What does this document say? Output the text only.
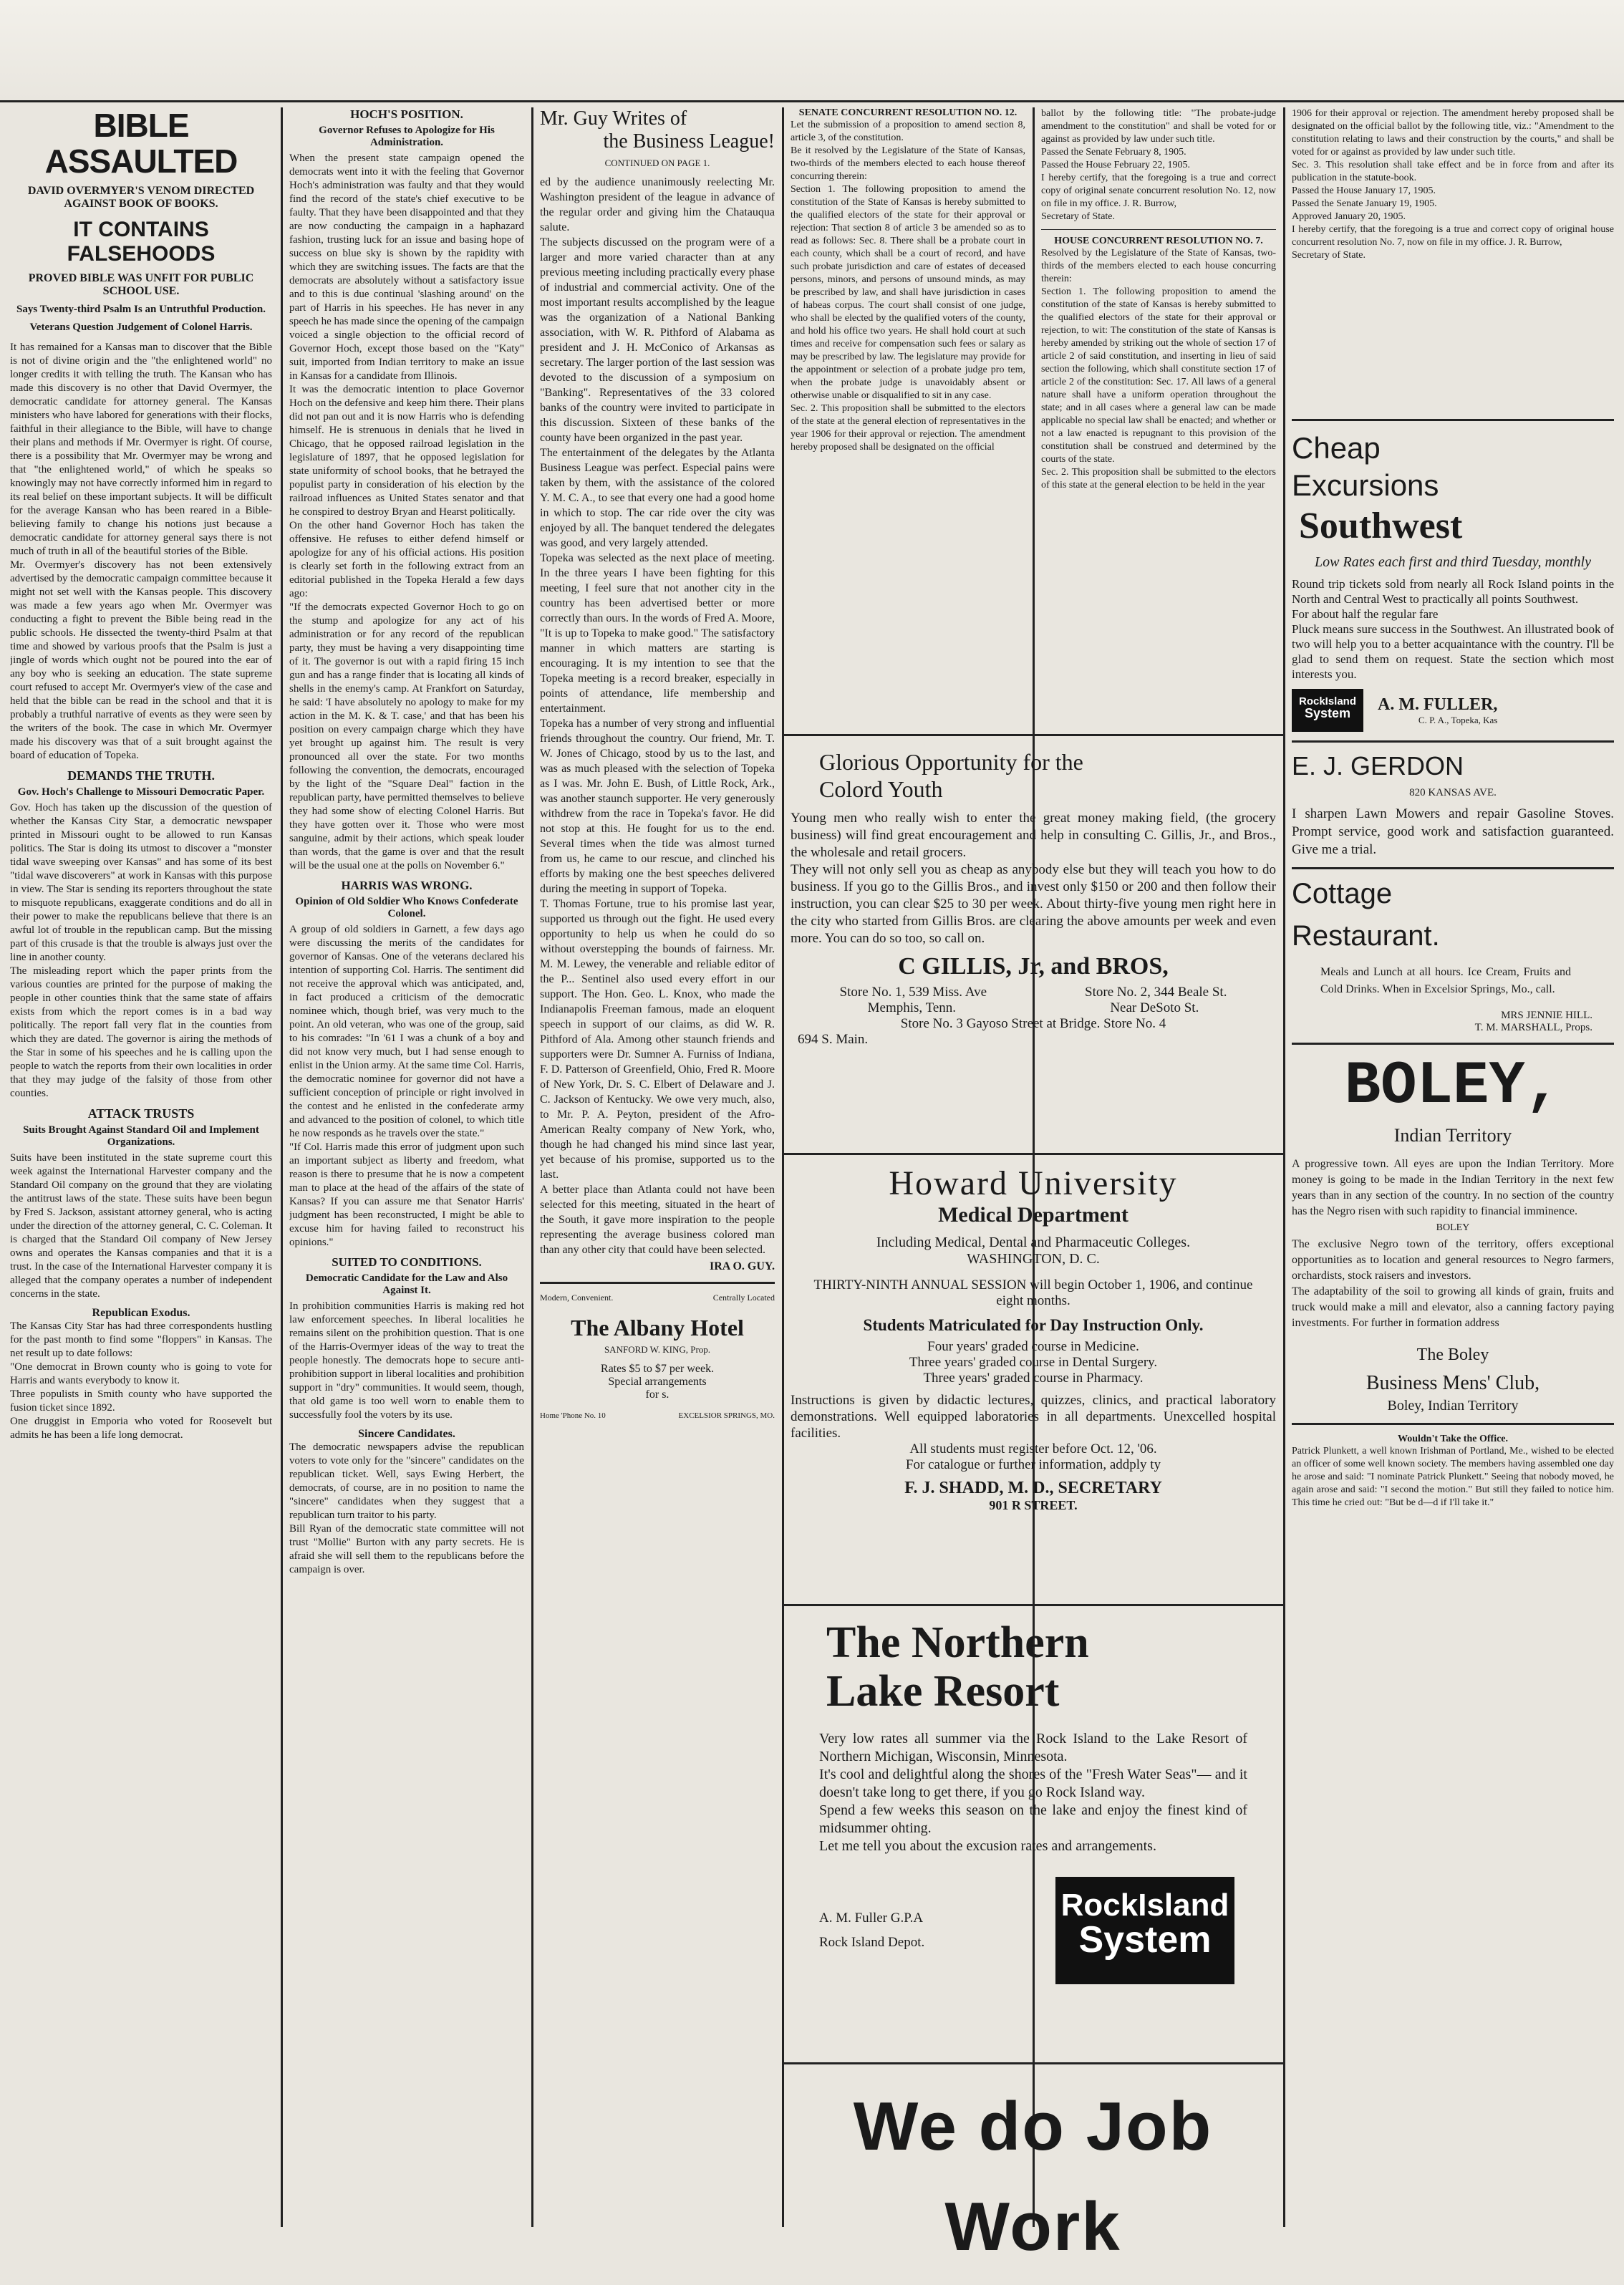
BIBLE ASSAULTED
DAVID OVERMYER'S VENOM DIRECTED AGAINST BOOK OF BOOKS.
IT CONTAINS FALSEHOODS
PROVED BIBLE WAS UNFIT FOR PUBLIC SCHOOL USE.
Says Twenty-third Psalm Is an Untruthful Production.
Veterans Question Judgement of Colonel Harris.
It has remained for a Kansas man to discover that the Bible is not of divine origin and the "the enlightened world" no longer credits it with telling the truth. The Kansan who has made this discovery is no other that David Overmyer, the democratic candidate for attorney general. The Kansas ministers who have labored for generations with their flocks, faithful in their allegiance to the Bible, will have to change their plans and methods if Mr. Overmyer is right. Of course, there is a possibility that Mr. Overmyer may be wrong and that "the enlightened world," of which he speaks so knowingly may not have correctly informed him in regard to its real belief on these important subjects. It will be difficult for the average Kansan who has been reared in a Bible-believing family to change his notions just because a democratic candidate for attorney general says there is not much of truth in all of the beautiful stories of the Bible.
Mr. Overmyer's discovery has not been extensively advertised by the democratic campaign committee because it might not set well with the Kansas people. This discovery was made a few years ago when Mr. Overmyer was conducting a fight to prevent the Bible being read in the public schools. He dissected the twenty-third Psalm at that time and showed by various proofs that the Psalm is just a jingle of words which ought not be poured into the ear of any boy who is seeking an education. The state supreme court refused to accept Mr. Overmyer's view of the case and held that the bible can be read in the school and that it is probably a truthful narrative of events as they were seen by the writers of the book. The case in which Mr. Overmyer made his discovery was that of a suit brought against the board of education of Topeka.
DEMANDS THE TRUTH.
Gov. Hoch's Challenge to Missouri Democratic Paper.
Gov. Hoch has taken up the discussion of the question of whether the Kansas City Star, a democratic newspaper printed in Missouri ought to be allowed to run Kansas politics. The Star is doing its utmost to discover a "monster tidal wave sweeping over Kansas" and has some of its best "tidal wave discoverers" at work in Kansas with this purpose in view. The Star is sending its reporters throughout the state to misquote republicans, exaggerate conditions and do all in their power to make the republicans believe that there is an awful lot of trouble in the republican camp. But the missing part of this crusade is that the trouble is always just over the line in another county.
The misleading report which the paper prints from the various counties are printed for the purpose of making the people in other counties think that the same state of affairs exists from which the report comes is in a bad way politically. The report fall very flat in the counties from which they are dated. The governor is airing the methods of the Star in some of his speeches and he is calling upon the people to watch the reports from their own localities in order that they may judge of the falsity of those from other counties.
ATTACK TRUSTS
Suits Brought Against Standard Oil and Implement Organizations.
Suits have been instituted in the state supreme court this week against the International Harvester company and the Standard Oil company on the ground that they are violating the antitrust laws of the state. These suits have been begun by Fred S. Jackson, assistant attorney general, who is acting under the direction of the attorney general, C. C. Coleman. It is charged that the Standard Oil company of New Jersey owns and operates the Kansas companies and that it is a trust. In the case of the International Harvester company it is alleged that the company operates a number of independent concerns in the state.
Republican Exodus.
The Kansas City Star has had three correspondents hustling for the past month to find some "floppers" in Kansas. The net result up to date follows:
"One democrat in Brown county who is going to vote for Harris and wants everybody to know it.
Three populists in Smith county who have supported the fusion ticket since 1892.
One druggist in Emporia who voted for Roosevelt but admits he has been a life long democrat.
HOCH'S POSITION.
Governor Refuses to Apologize for His Administration.
When the present state campaign opened the democrats went into it with the feeling that Governor Hoch's administration was faulty and that they would find the record of the state's chief executive to be faulty. That they have been disappointed and that they are now conducting the campaign in a haphazard fashion, trusting luck for an issue and basing hope of success on blue sky is shown by the rapidity with which they are switching issues. The facts are that the democrats are absolutely without a satisfactory issue and to this is due continual 'slashing around' on the part of Harris in his speeches. He has never in any speech he has made since the opening of the campaign voiced a single objection to the official record of Governor Hoch, except those based on the "Katy" suit, imported from Indian territory to make an issue in Kansas for a candidate from Illinois.
It was the democratic intention to place Governor Hoch on the defensive and keep him there. Their plans did not pan out and it is now Harris who is defending himself. He is strenuous in denials that he lived in Chicago, that he opposed railroad legislation in the legislature of 1897, that he opposed legislation for state uniformity of school books, that he betrayed the populist party in consideration of his election by the railroad influences as United States senator and that he conspired to destroy Bryan and Hearst politically.
On the other hand Governor Hoch has taken the offensive. He refuses to either defend himself or apologize for any of his official actions. His position is clearly set forth in the following extract from an editorial published in the Topeka Herald a few days ago:
"If the democrats expected Governor Hoch to go on the stump and apologize for any act of his administration or for any record of the republican party, they must be having a very disappointing time of it. The governor is out with a rapid firing 15 inch gun and has a range finder that is locating all kinds of shells in the enemy's camp. At Frankfort on Saturday, he said: 'I have absolutely no apology to make for my action in the M. K. & T. case,' and that has been his position on every campaign charge which they have yet brought up against him. The result is very pronounced all over the state. For two months following the convention, the democrats, encouraged by the light of the "Square Deal" faction in the republican party, have permitted themselves to believe they had some show of electing Colonel Harris. But they have gotten over it. Those who were most sanguine, admit by their actions, which speak louder than words, that the game is over and that the result will be the usual one at the polls on November 6."
HARRIS WAS WRONG.
Opinion of Old Soldier Who Knows Confederate Colonel.
A group of old soldiers in Garnett, a few days ago were discussing the merits of the candidates for governor of Kansas. One of the veterans declared his intention of supporting Col. Harris. The sentiment did not receive the approval which was anticipated, and, in fact produced a criticism of the democratic nominee which, though brief, was very much to the point. An old veteran, who was one of the group, said to his comrades: "In '61 I was a chunk of a boy and did not know very much, but I had sense enough to enlist in the Union army. At the same time Col. Harris, the democratic nominee for governor did not have a sufficient conception of principle or right involved in the contest and he enlisted in the confederate army and advanced to the position of colonel, to which title he now responds as he travels over the state."
"If Col. Harris made this error of judgment upon such an important subject as liberty and freedom, what reason is there to presume that he is now a competent man to place at the head of the affairs of the state of Kansas? If you can assure me that Senator Harris' judgment has been reconstructed, I might be able to excuse him for having failed to reconstruct his opinions."
SUITED TO CONDITIONS.
Democratic Candidate for the Law and Also Against It.
In prohibition communities Harris is making red hot law enforcement speeches. In liberal localities he remains silent on the prohibition question. That is one of the Harris-Overmyer ideas of the way to treat the people honestly. The democrats hope to secure anti-prohibition support in liberal localities and prohibition support in "dry" communities. It would seem, though, that old game is too well worn to enable them to successfully fool the voters by its use.
Sincere Candidates.
The democratic newspapers advise the republican voters to vote only for the "sincere" candidates on the republican ticket. Well, says Ewing Herbert, the democrats, of course, are in no position to name the "sincere" candidates when they suggest that a republican turn traitor to his party.
Bill Ryan of the democratic state committee will not trust "Mollie" Burton with any party secrets. He is afraid she will sell them to the republicans before the campaign is over.
Mr. Guy Writes of
the Business League!
CONTINUED ON PAGE 1.
ed by the audience unanimously reelecting Mr. Washington president of the league in advance of the regular order and giving him the Chatauqua salute.
The subjects discussed on the program were of a larger and more varied character than at any previous meeting including practically every phase of industrial and commercial activity. One of the most important results accomplished by the league was the organization of a National Banking association, with W. R. Pithford of Alabama as president and J. H. McConico of Arkansas as secretary. The larger portion of the last session was devoted to the discussion of a symposium on "Banking". Representatives of the 33 colored banks of the country were invited to participate in this discussion. Sixteen of these banks of the county have been organized in the past year.
The entertainment of the delegates by the Atlanta Business League was perfect. Especial pains were taken by them, with the assistance of the colored Y. M. C. A., to see that every one had a good home in which to stop. The car ride over the city was enjoyed by all. The banquet tendered the delegates was good, and very largely attended.
Topeka was selected as the next place of meeting. In the three years I have been fighting for this meeting, I feel sure that not another city in the country has been advertised better or more correctly than ours. In the words of Fred A. Moore, "It is up to Topeka to make good." The satisfactory manner in which matters are starting is encouraging. It is my intention to see that the Topeka meeting is a record breaker, especially in points of attendance, life membership and entertainment.
Topeka has a number of very strong and influential friends throughout the country. Our friend, Mr. T. W. Jones of Chicago, stood by us to the last, and was as much pleased with the selection of Topeka as I was. Mr. John E. Bush, of Little Rock, Ark., was another staunch supporter. He very generously withdrew from the race in Topeka's favor. He did not stop at this. He fought for us to the end. Several times when the tide was almost turned from us, he came to our rescue, and clinched his efforts by making one the best speeches delivered during the meeting in support of Topeka.
T. Thomas Fortune, true to his promise last year, supported us through out the fight. He used every opportunity to help us when he could do so without overstepping the bounds of fairness. Mr. M. M. Lewey, the venerable and reliable editor of the P... Sentinel also used every effort in our support. The Hon. Geo. L. Knox, who made the Indianapolis Freeman famous, made an eloquent speech in support of our claims, as did W. R. Pithford of Ala. Among other staunch friends and supporters were Dr. Sumner A. Furniss of Indiana, F. D. Patterson of Greenfield, Ohio, Fred R. Moore of New York, Dr. S. C. Elbert of Delaware and J. C. Jackson of Kentucky. We owe very much, also, to Mr. P. A. Peyton, president of the Afro-American Realty company of New York, who, though he had changed his mind since last year, yet because of his promise, supported us to the last.
A better place than Atlanta could not have been selected for this meeting, situated in the heart of the South, it gave more inspiration to the people representing the average business colored man than any other city that could have been selected.
IRA O. GUY.
Modern, Convenient.	Centrally Located
The Albany Hotel
SANFORD W. KING, Prop.
Rates $5 to $7 per week.
Special arrangements
for s.
Home 'Phone No. 10	EXCELSIOR SPRINGS, MO.
SENATE CONCURRENT RESOLUTION NO. 12.
Let the submission of a proposition to amend section 8, article 3, of the constitution.
Be it resolved by the Legislature of the State of Kansas, two-thirds of the members elected to each house thereof concurring therein:
Section 1. The following proposition to amend the constitution of the State of Kansas is hereby submitted to the qualified electors of the state for their approval or rejection: That section 8 of article 3 be amended so as to read as follows: Sec. 8. There shall be a probate court in each county, which shall be a court of record, and have such probate jurisdiction and care of estates of deceased persons, minors, and persons of unsound minds, as may be prescribed by law, and shall have jurisdiction in cases of habeas corpus. The court shall consist of one judge, who shall be elected by the qualified voters of the county, and hold his office two years. He shall hold court at such times and receive for compensation such fees or salary as may be prescribed by law. The legislature may provide for the appointment or selection of a probate judge pro tem, when the probate judge is unavoidably absent or otherwise unable or disqualified to sit in any case.
Sec. 2. This proposition shall be submitted to the electors of the state at the general election of representatives in the year 1906 for their approval or rejection. The amendment hereby proposed shall be designated on the official
ballot by the following title: "The probate-judge amendment to the constitution" and shall be voted for or against as provided by law under such title.
Passed the Senate February 8, 1905.
Passed the House February 22, 1905.
I hereby certify, that the foregoing is a true and correct copy of original senate concurrent resolution No. 12, now on file in my office. J. R. Burrow,
Secretary of State.
HOUSE CONCURRENT RESOLUTION NO. 7.
Resolved by the Legislature of the State of Kansas, two-thirds of the members elected to each house concurring therein:
Section 1. The following proposition to amend the constitution of the state of Kansas is hereby submitted to the qualified electors of the state for their approval or rejection, to wit: The constitution of the state of Kansas is hereby amended by striking out the whole of section 17 of article 2 of said constitution, and inserting in lieu of said section the following, which shall constitute section 17 of article 2 of the constitution: Sec. 17. All laws of a general nature shall have a uniform operation throughout the state; and in all cases where a general law can be made applicable no special law shall be enacted; and whether or not a law enacted is repugnant to this provision of the constitution shall be construed and determined by the courts of the state.
Sec. 2. This proposition shall be submitted to the electors of this state at the general election to be held in the year
1906 for their approval or rejection. The amendment hereby proposed shall be designated on the official ballot by the following title, viz.: "Amendment to the constitution relating to laws and their construction by the courts," and shall be voted for or against as provided by law under such title.
Sec. 3. This resolution shall take effect and be in force from and after its publication in the statute-book.
Passed the House January 17, 1905.
Passed the Senate January 19, 1905.
Approved January 20, 1905.
I hereby certify, that the foregoing is a true and correct copy of original house concurrent resolution No. 7, now on file in my office. J. R. Burrow,
Secretary of State.
Glorious Opportunity for the
Colord Youth
Young men who really wish to enter the great money making field, (the grocery business) will find great encouragement and help in consulting C. Gillis, Jr., and Bros., the wholesale and retail grocers.
They will not only sell you as cheap as anybody else but they will teach you how to do business. If you go to the Gillis Bros., and invest only $150 or 200 and then follow their instruction, you can clear $25 to 30 per week. About thirty-five young men right here in the city who started from Gillis Bros. are clearing the above amounts per week and even more. You can do so too, so call on.
C GILLIS, Jr, and BROS,
Store No. 1, 539 Miss. Ave	Store No. 2, 344 Beale St.
Memphis, Tenn.	Near DeSoto St.
Store No. 3 Gayoso Street at Bridge. Store No. 4
694 S. Main.
Howard University
Medical Department
Including Medical, Dental and Pharmaceutic Colleges.
WASHINGTON, D. C.
THIRTY-NINTH ANNUAL SESSION will begin October 1, 1906, and continue eight months.
Students Matriculated for Day Instruction Only.
Four years' graded course in Medicine.
Three years' graded course in Dental Surgery.
Three years' graded course in Pharmacy.
Instructions is given by didactic lectures, quizzes, clinics, and practical laboratory demonstrations. Well equipped laboratories in all departments. Unexcelled hospital facilities.
All students must register before Oct. 12, '06.
For catalogue or further information, addply ty
F. J. SHADD, M. D., SECRETARY
901 R STREET.
The Northern
Lake Resort
Very low rates all summer via the Rock Island to the Lake Resort of Northern Michigan, Wisconsin, Minnesota.
It's cool and delightful along the shores of the "Fresh Water Seas"— and it doesn't take long to get there, if you go Rock Island way.
Spend a few weeks this season on the lake and enjoy the finest kind of midsummer ohting.
Let me tell you about the excusion rates and arrangements.
A. M. Fuller G.P.A
Rock Island Depot.
RockIsland
System
We do Job Work
Cheap
Excursions
Southwest
Low Rates each first and third Tuesday, monthly
Round trip tickets sold from nearly all Rock Island points in the North and Central West to practically all points Southwest.
For about half the regular fare
Pluck means sure success in the Southwest. An illustrated book of two will help you to a better acquaintance with the country. I'll be glad to send them on request. State the section which most interests you.
RockIsland
System	A. M. FULLER,
C. P. A., Topeka, Kas
E. J. GERDON
820 KANSAS AVE.
I sharpen Lawn Mowers and repair Gasoline Stoves. Prompt service, good work and satisfaction guaranteed. Give me a trial.
Cottage
Restaurant.
Meals and Lunch at all hours. Ice Cream, Fruits and Cold Drinks. When in Excelsior Springs, Mo., call.
MRS JENNIE HILL.
T. M. MARSHALL, Props.
BOLEY,
Indian Territory
A progressive town. All eyes are upon the Indian Territory. More money is going to be made in the Indian Territory in the next few years than in any section of the country. In no section of the country has the Negro risen with such rapidity to financial imminence.
BOLEY
The exclusive Negro town of the territory, offers exceptional opportunities as to location and general resources to Negro farmers, orchardists, stock raisers and investors.
The adaptability of the soil to growing all kinds of grain, fruits and truck would make a mill and elevator, also a canning factory paying investments. For further in formation address
The Boley
Business Mens' Club,
Boley, Indian Territory
Wouldn't Take the Office.
Patrick Plunkett, a well known Irishman of Portland, Me., wished to be elected an officer of some well known society. The members having assembled one day he arose and said: "I nominate Patrick Plunkett." Seeing that nobody moved, he again arose and said: "I second the motion." But still they failed to notice him. This time he cried out: "But be d—d if I'll take it."
